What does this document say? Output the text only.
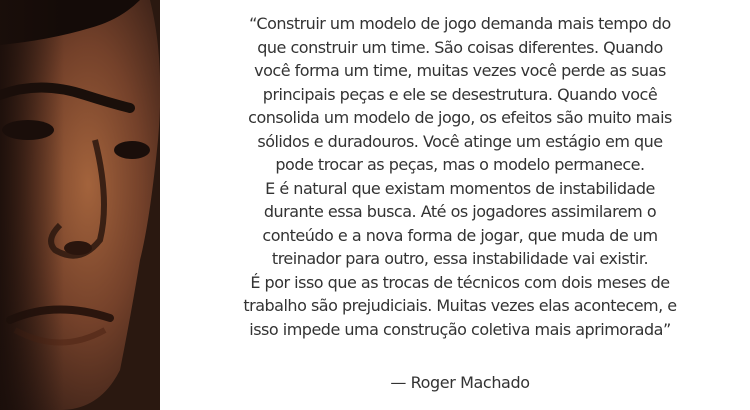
“Construir um modelo de jogo demanda mais tempo do
que construir um time. São coisas diferentes. Quando
você forma um time, muitas vezes você perde as suas
principais peças e ele se desestrutura. Quando você
consolida um modelo de jogo, os efeitos são muito mais
sólidos e duradouros. Você atinge um estágio em que
pode trocar as peças, mas o modelo permanece.
E é natural que existam momentos de instabilidade
durante essa busca. Até os jogadores assimilarem o
conteúdo e a nova forma de jogar, que muda de um
treinador para outro, essa instabilidade vai existir.
É por isso que as trocas de técnicos com dois meses de
trabalho são prejudiciais. Muitas vezes elas acontecem, e
isso impede uma construção coletiva mais aprimorada”
— Roger Machado
